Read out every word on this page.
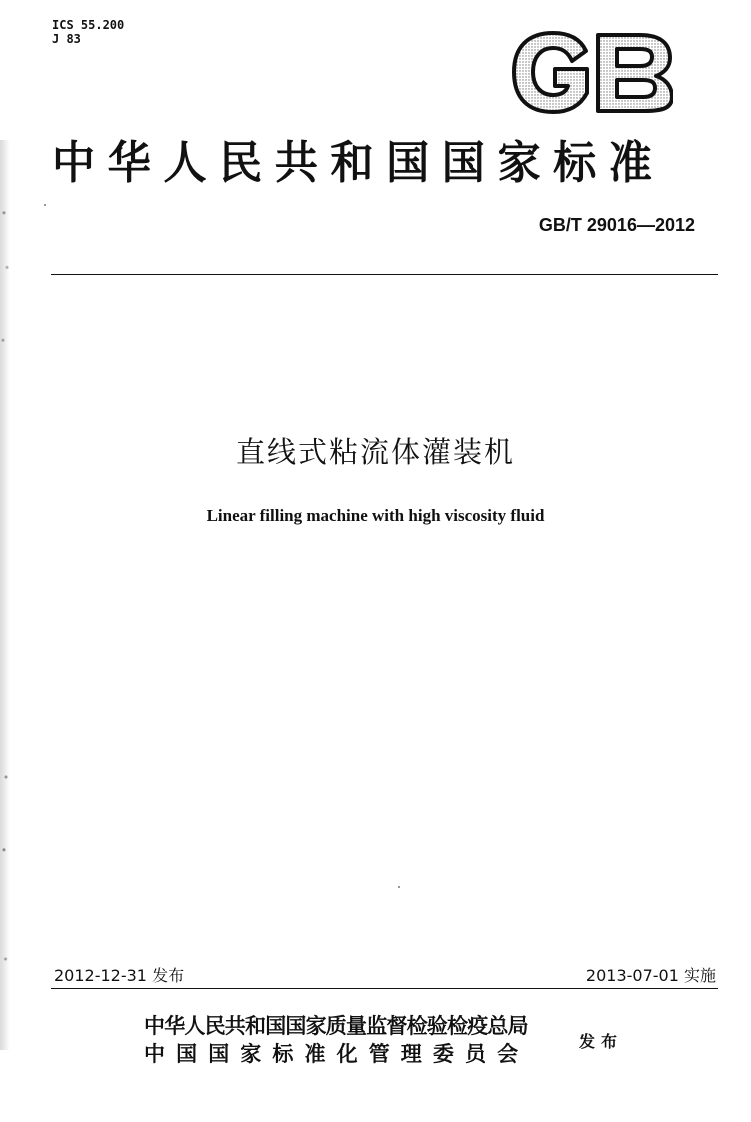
ICS 55.200
J 83
中华人民共和国国家标准
GB/T 29016—2012
直线式粘流体灌装机
Linear filling machine with high viscosity fluid
2012-12-31 发布	2013-07-01 实施
中华人民共和国国家质量监督检验检疫总局
中国国家标准化管理委员会	发布
